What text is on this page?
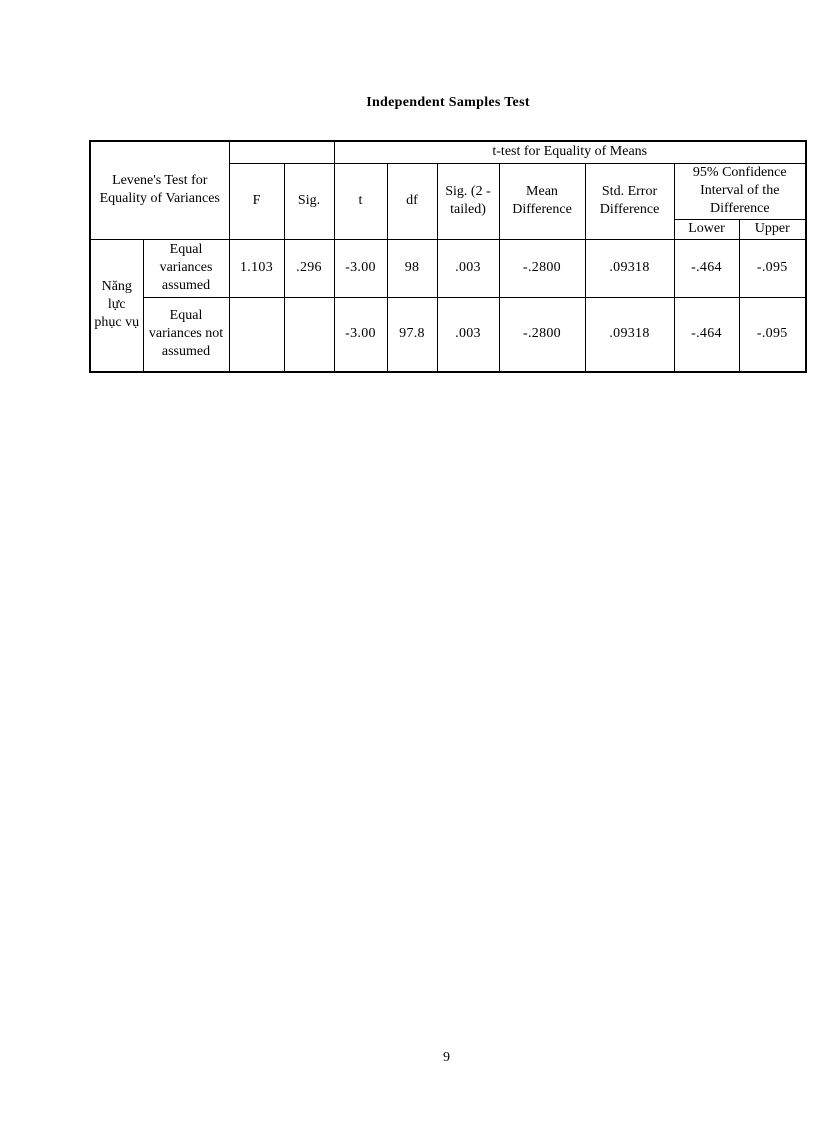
Independent Samples Test
Levene's Test for Equality of Variances				t-test for Equality of Means						
		F	Sig.	t	df	Sig. (2 -tailed)	Mean Difference	Std. Error Difference	95% Confidence Interval of the Difference	
									Lower	Upper
Năng lực phục vụ	Equal variances assumed	1.103	.296	-3.00	98	.003	-.2800	.09318	-.464	-.095
	Equal variances not assumed			-3.00	97.8	.003	-.2800	.09318	-.464	-.095
9
